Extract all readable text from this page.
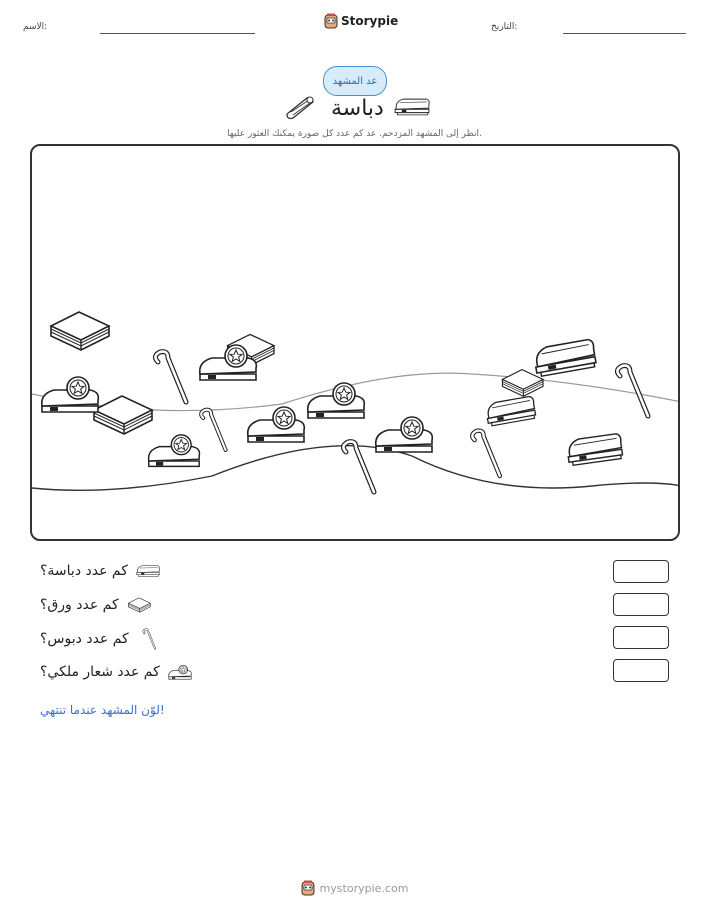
الاسم:	Storypie	التاريخ:
عد المشهد
دباسة
انظر إلى المشهد المزدحم. عد كم عدد كل صورة يمكنك العثور عليها.
كم عدد دباسة؟
كم عدد ورق؟
كم عدد دبوس؟
كم عدد شعار ملكي؟
لوّن المشهد عندما تنتهي!
mystorypie.com
